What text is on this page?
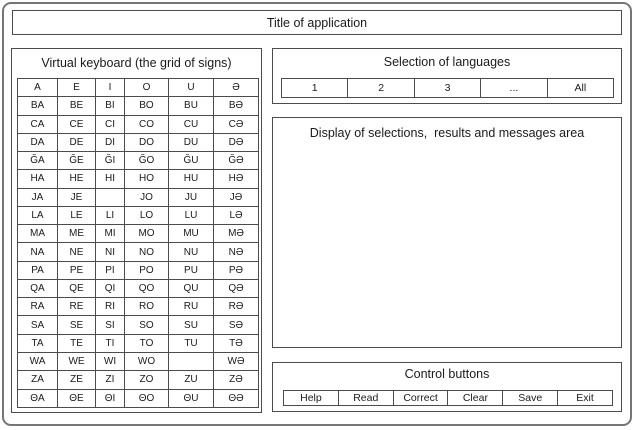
Title of application
Virtual keyboard (the grid of signs)
A	E	I	O	U	Ə
BA	BE	BI	BO	BU	BƏ
CA	CE	CI	CO	CU	CƏ
DA	DE	DI	DO	DU	DƏ
ĞA	ĞE	ĞI	ĞO	ĞU	ĞƏ
HA	HE	HI	HO	HU	HƏ
JA	JE		JO	JU	JƏ
LA	LE	LI	LO	LU	LƏ
MA	ME	MI	MO	MU	MƏ
NA	NE	NI	NO	NU	NƏ
PA	PE	PI	PO	PU	PƏ
QA	QE	QI	QO	QU	QƏ
RA	RE	RI	RO	RU	RƏ
SA	SE	SI	SO	SU	SƏ
TA	TE	TI	TO	TU	TƏ
WA	WE	WI	WO		WƏ
ZA	ZE	ZI	ZO	ZU	ZƏ
ΘA	ΘE	ΘI	ΘO	ΘU	ΘƏ
Selection of languages
1	2	3	...	All
Display of selections,  results and messages area
Control buttons
Help	Read	Correct	Clear	Save	Exit
